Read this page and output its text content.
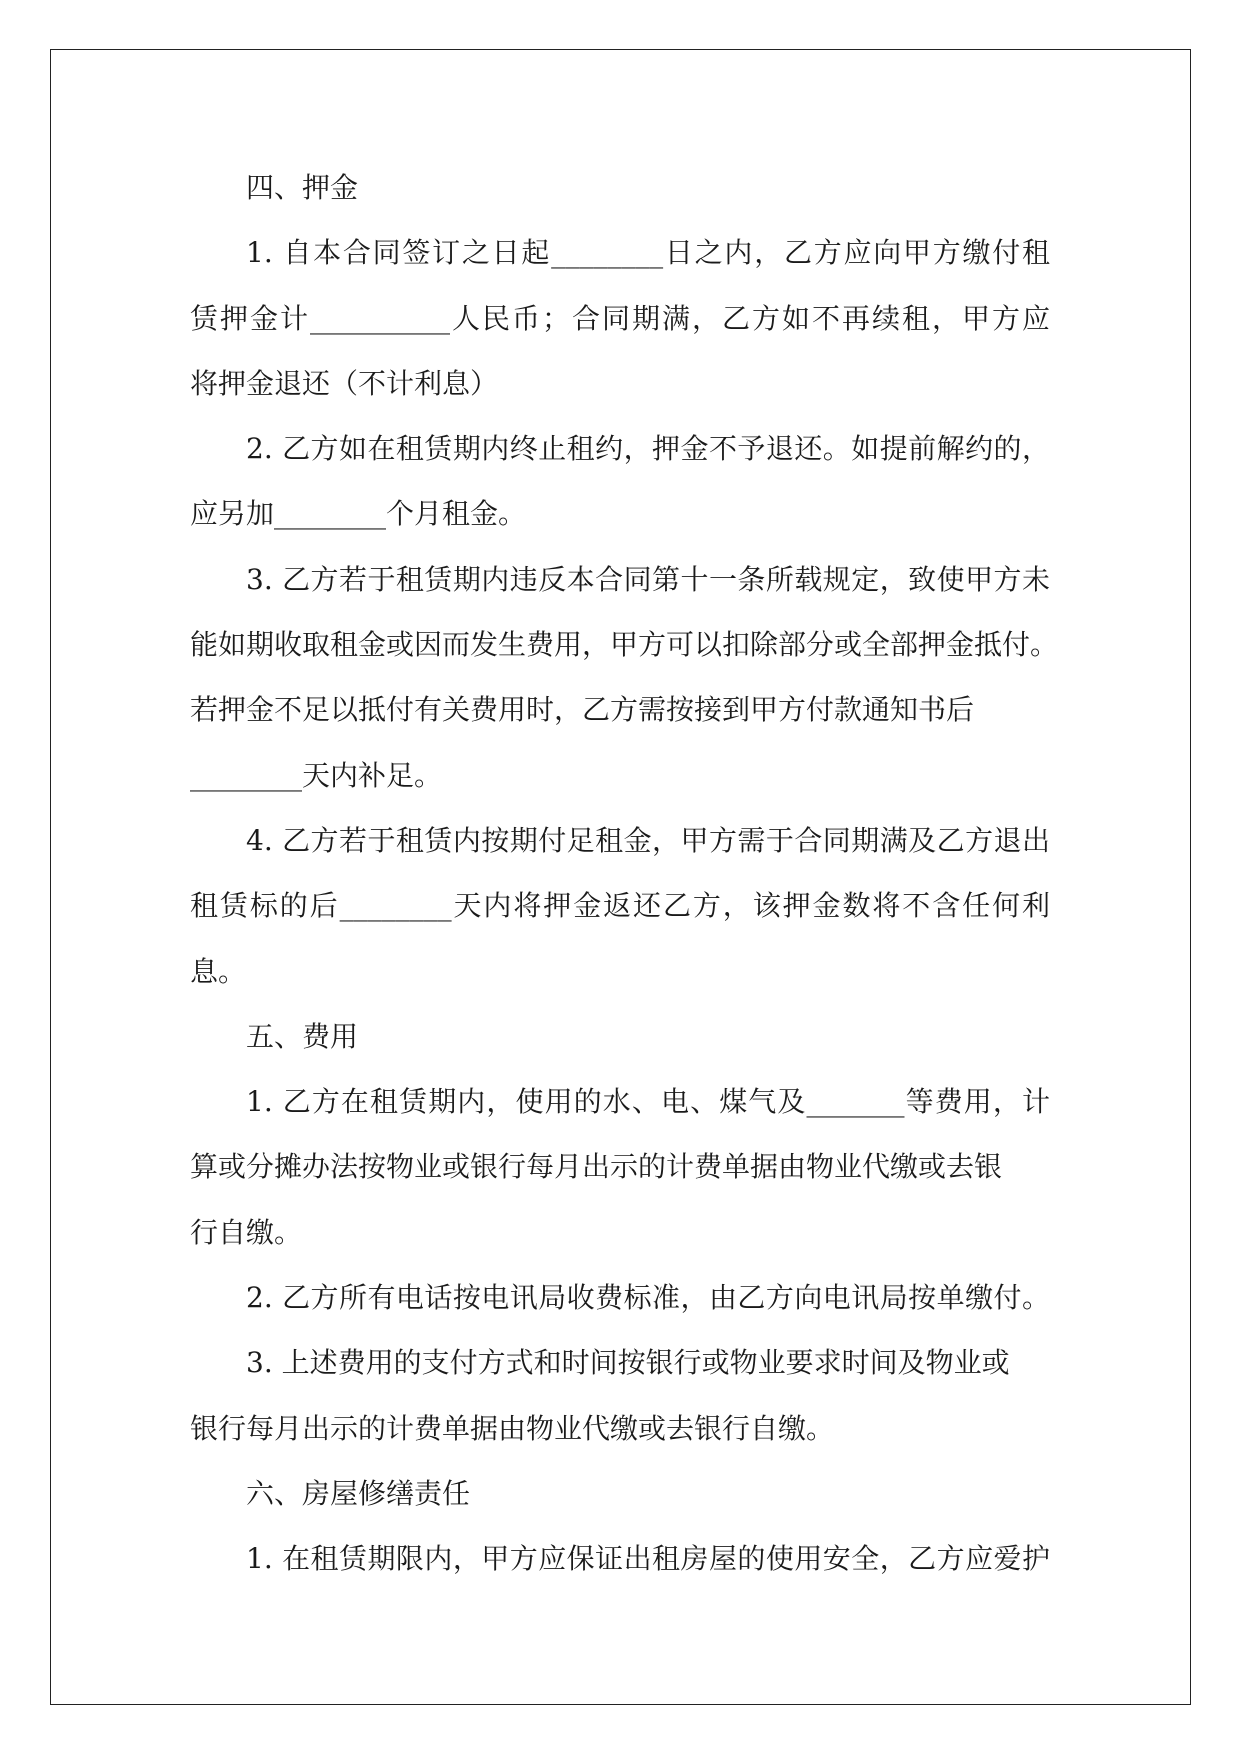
四、押金
1. 自本合同签订之日起________日之内，乙方应向甲方缴付租
赁押金计__________人民币；合同期满，乙方如不再续租，甲方应
将押金退还（不计利息）
2. 乙方如在租赁期内终止租约，押金不予退还。如提前解约的，
应另加________个月租金。
3. 乙方若于租赁期内违反本合同第十一条所载规定，致使甲方未
能如期收取租金或因而发生费用，甲方可以扣除部分或全部押金抵付。
若押金不足以抵付有关费用时，乙方需按接到甲方付款通知书后
________天内补足。
4. 乙方若于租赁内按期付足租金，甲方需于合同期满及乙方退出
租赁标的后________天内将押金返还乙方，该押金数将不含任何利
息。
五、费用
1. 乙方在租赁期内，使用的水、电、煤气及_______等费用，计
算或分摊办法按物业或银行每月出示的计费单据由物业代缴或去银
行自缴。
2. 乙方所有电话按电讯局收费标准，由乙方向电讯局按单缴付。
3. 上述费用的支付方式和时间按银行或物业要求时间及物业或
银行每月出示的计费单据由物业代缴或去银行自缴。
六、房屋修缮责任
1. 在租赁期限内，甲方应保证出租房屋的使用安全，乙方应爱护
